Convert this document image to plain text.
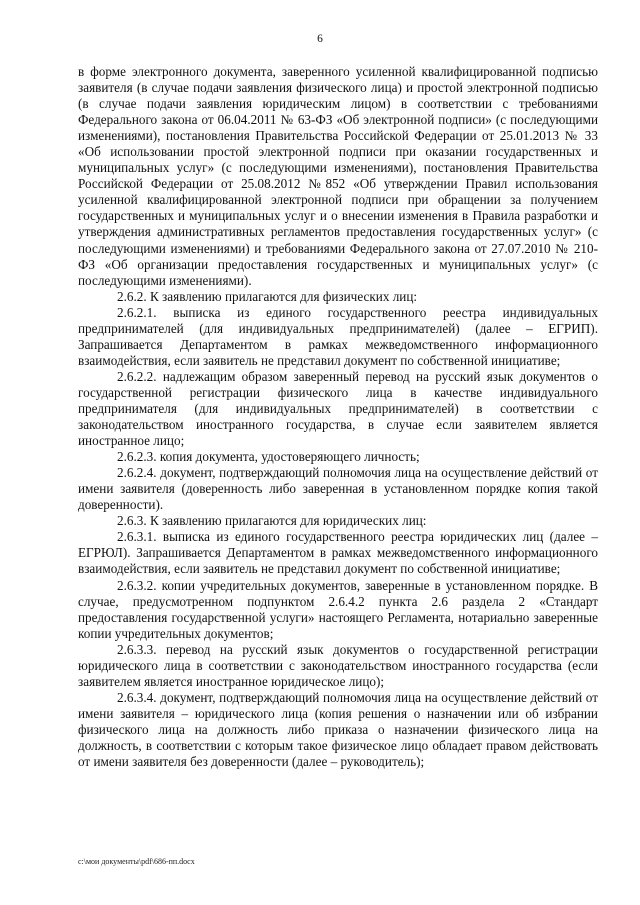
6

в форме электронного документа, заверенного усиленной квалифицированной подписью заявителя (в случае подачи заявления физического лица) и простой электронной подписью (в случае подачи заявления юридическим лицом) в соответствии с требованиями Федерального закона от 06.04.2011 № 63-ФЗ «Об электронной подписи» (с последующими изменениями), постановления Правительства Российской Федерации от 25.01.2013 № 33 «Об использовании простой электронной подписи при оказании государственных и муниципальных услуг» (с последующими изменениями), постановления Правительства Российской Федерации от 25.08.2012 №852 «Об утверждении Правил использования усиленной квалифицированной электронной подписи при обращении за получением государственных и муниципальных услуг и о внесении изменения в Правила разработки и утверждения административных регламентов предоставления государственных услуг» (с последующими изменениями) и требованиями Федерального закона от 27.07.2010 № 210-ФЗ «Об организации предоставления государственных и муниципальных услуг» (с последующими изменениями).

2.6.2. К заявлению прилагаются для физических лиц:

2.6.2.1. выписка из единого государственного реестра индивидуальных предпринимателей (для индивидуальных предпринимателей) (далее – ЕГРИП). Запрашивается Департаментом в рамках межведомственного информационного взаимодействия, если заявитель не представил документ по собственной инициативе;

2.6.2.2. надлежащим образом заверенный перевод на русский язык документов о государственной регистрации физического лица в качестве индивидуального предпринимателя (для индивидуальных предпринимателей) в соответствии с законодательством иностранного государства, в случае если заявителем является иностранное лицо;

2.6.2.3. копия документа, удостоверяющего личность;

2.6.2.4. документ, подтверждающий полномочия лица на осуществление действий от имени заявителя (доверенность либо заверенная в установленном порядке копия такой доверенности).

2.6.3. К заявлению прилагаются для юридических лиц:

2.6.3.1. выписка из единого государственного реестра юридических лиц (далее – ЕГРЮЛ). Запрашивается Департаментом в рамках межведомственного информационного взаимодействия, если заявитель не представил документ по собственной инициативе;

2.6.3.2. копии учредительных документов, заверенные в установленном порядке. В случае, предусмотренном подпунктом 2.6.4.2 пункта 2.6 раздела 2 «Стандарт предоставления государственной услуги» настоящего Регламента, нотариально заверенные копии учредительных документов;

2.6.3.3. перевод на русский язык документов о государственной регистрации юридического лица в соответствии с законодательством иностранного государства (если заявителем является иностранное юридическое лицо);

2.6.3.4. документ, подтверждающий полномочия лица на осуществление действий от имени заявителя – юридического лица (копия решения о назначении или об избрании физического лица на должность либо приказа о назначении физического лица на должность, в соответствии с которым такое физическое лицо обладает правом действовать от имени заявителя без доверенности (далее – руководитель);

c:\мои документы\pdf\686-пп.docx
